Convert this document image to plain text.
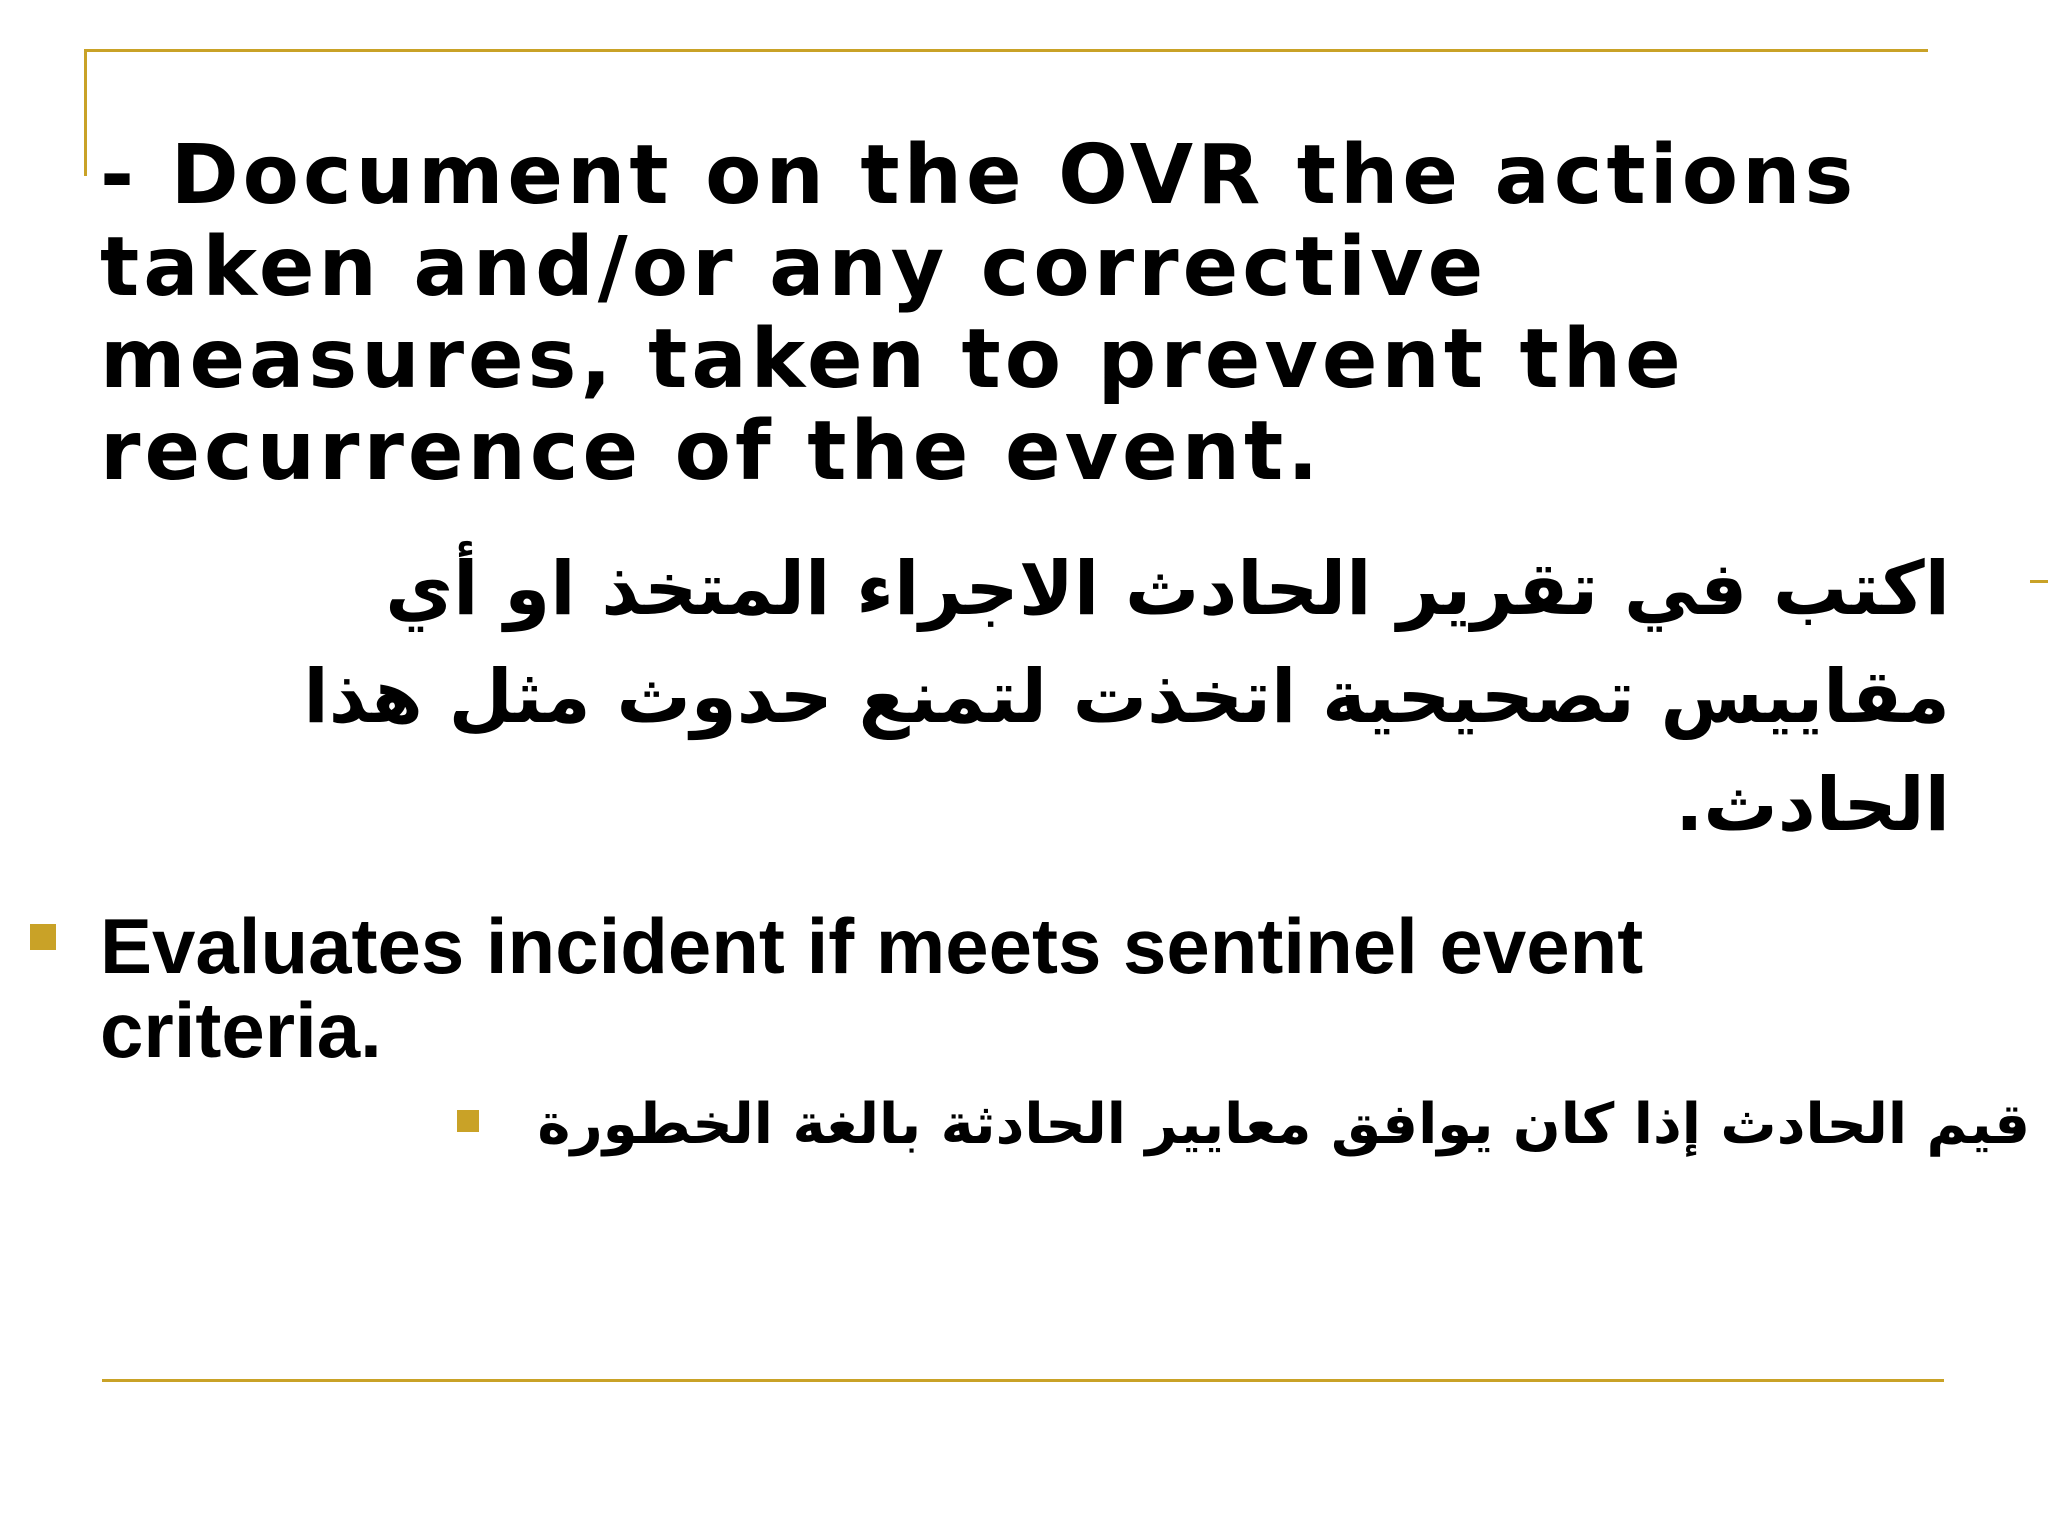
- Document on the OVR the actions taken and/or any corrective measures, taken to prevent the recurrence of the event.

اكتب في تقرير الحادث الاجراء المتخذ او أي مقاييس تصحيحية اتخذت لتمنع حدوث مثل هذا الحادث.

Evaluates incident if meets sentinel event criteria.

قيم الحادث إذا كان يوافق معايير الحادثة بالغة الخطورة
